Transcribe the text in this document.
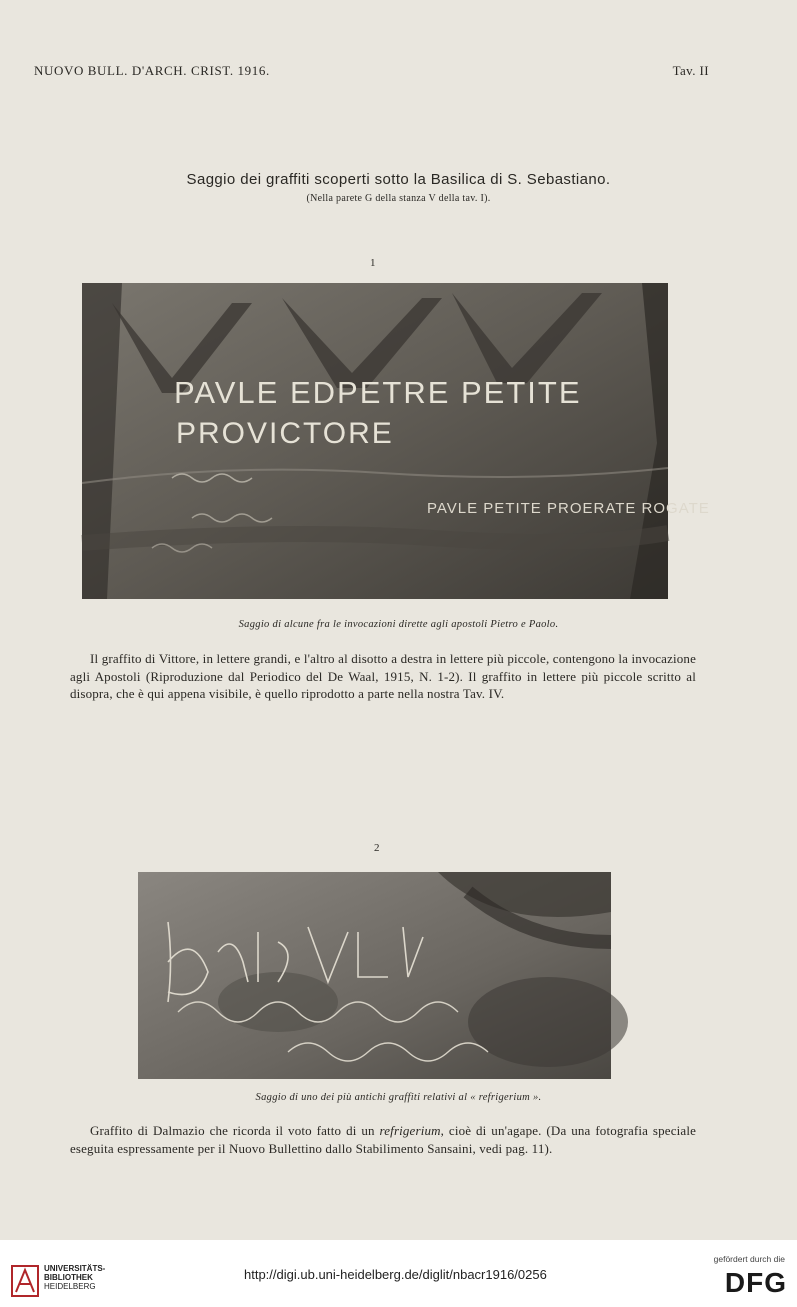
NUOVO BULL. D'ARCH. CRIST. 1916.	Tav. II
Saggio dei graffiti scoperti sotto la Basilica di S. Sebastiano.
(Nella parete G della stanza V della tav. I).
1
PAVLE EDPETRE PETITE
PROVICTORE
PAVLE PETITE PROERATE ROGATE
Saggio di alcune fra le invocazioni dirette agli apostoli Pietro e Paolo.
Il graffito di Vittore, in lettere grandi, e l'altro al disotto a destra in lettere più piccole, contengono la invocazione agli Apostoli (Riproduzione dal Periodico del De Waal, 1915, N. 1-2). Il graffito in lettere più piccole scritto al disopra, che è qui appena visibile, è quello riprodotto a parte nella nostra Tav. IV.
2
Saggio di uno dei più antichi graffiti relativi al « refrigerium ».
Graffito di Dalmazio che ricorda il voto fatto di un refrigerium, cioè di un'agape. (Da una fotografia speciale eseguita espressamente per il Nuovo Bullettino dallo Stabilimento Sansaini, vedi pag. 11).
UNIVERSITÄTS-
BIBLIOTHEK
HEIDELBERG
http://digi.ub.uni-heidelberg.de/diglit/nbacr1916/0256
gefördert durch die
DFG
